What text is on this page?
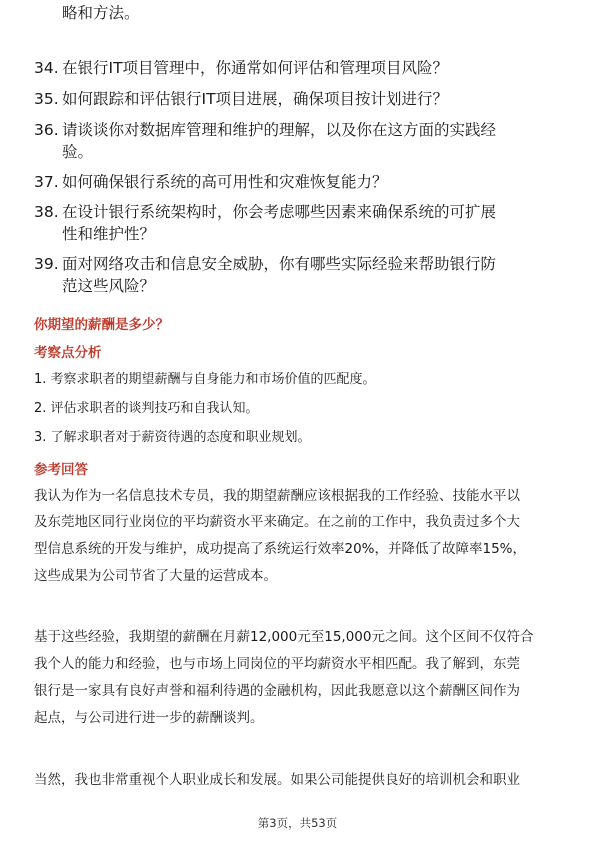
略和方法。
34. 在银行IT项目管理中，你通常如何评估和管理项目风险？
35. 如何跟踪和评估银行IT项目进展，确保项目按计划进行？
36. 请谈谈你对数据库管理和维护的理解，以及你在这方面的实践经
验。
37. 如何确保银行系统的高可用性和灾难恢复能力？
38. 在设计银行系统架构时，你会考虑哪些因素来确保系统的可扩展
性和维护性？
39. 面对网络攻击和信息安全威胁，你有哪些实际经验来帮助银行防
范这些风险？
你期望的薪酬是多少？
考察点分析
1. 考察求职者的期望薪酬与自身能力和市场价值的匹配度。
2. 评估求职者的谈判技巧和自我认知。
3. 了解求职者对于薪资待遇的态度和职业规划。
参考回答
我认为作为一名信息技术专员，我的期望薪酬应该根据我的工作经验、技能水平以
及东莞地区同行业岗位的平均薪资水平来确定。在之前的工作中，我负责过多个大
型信息系统的开发与维护，成功提高了系统运行效率20%，并降低了故障率15%，
这些成果为公司节省了大量的运营成本。
基于这些经验，我期望的薪酬在月薪12,000元至15,000元之间。这个区间不仅符合
我个人的能力和经验，也与市场上同岗位的平均薪资水平相匹配。我了解到，东莞
银行是一家具有良好声誉和福利待遇的金融机构，因此我愿意以这个薪酬区间作为
起点，与公司进行进一步的薪酬谈判。
当然，我也非常重视个人职业成长和发展。如果公司能提供良好的培训机会和职业
第3页，共53页
